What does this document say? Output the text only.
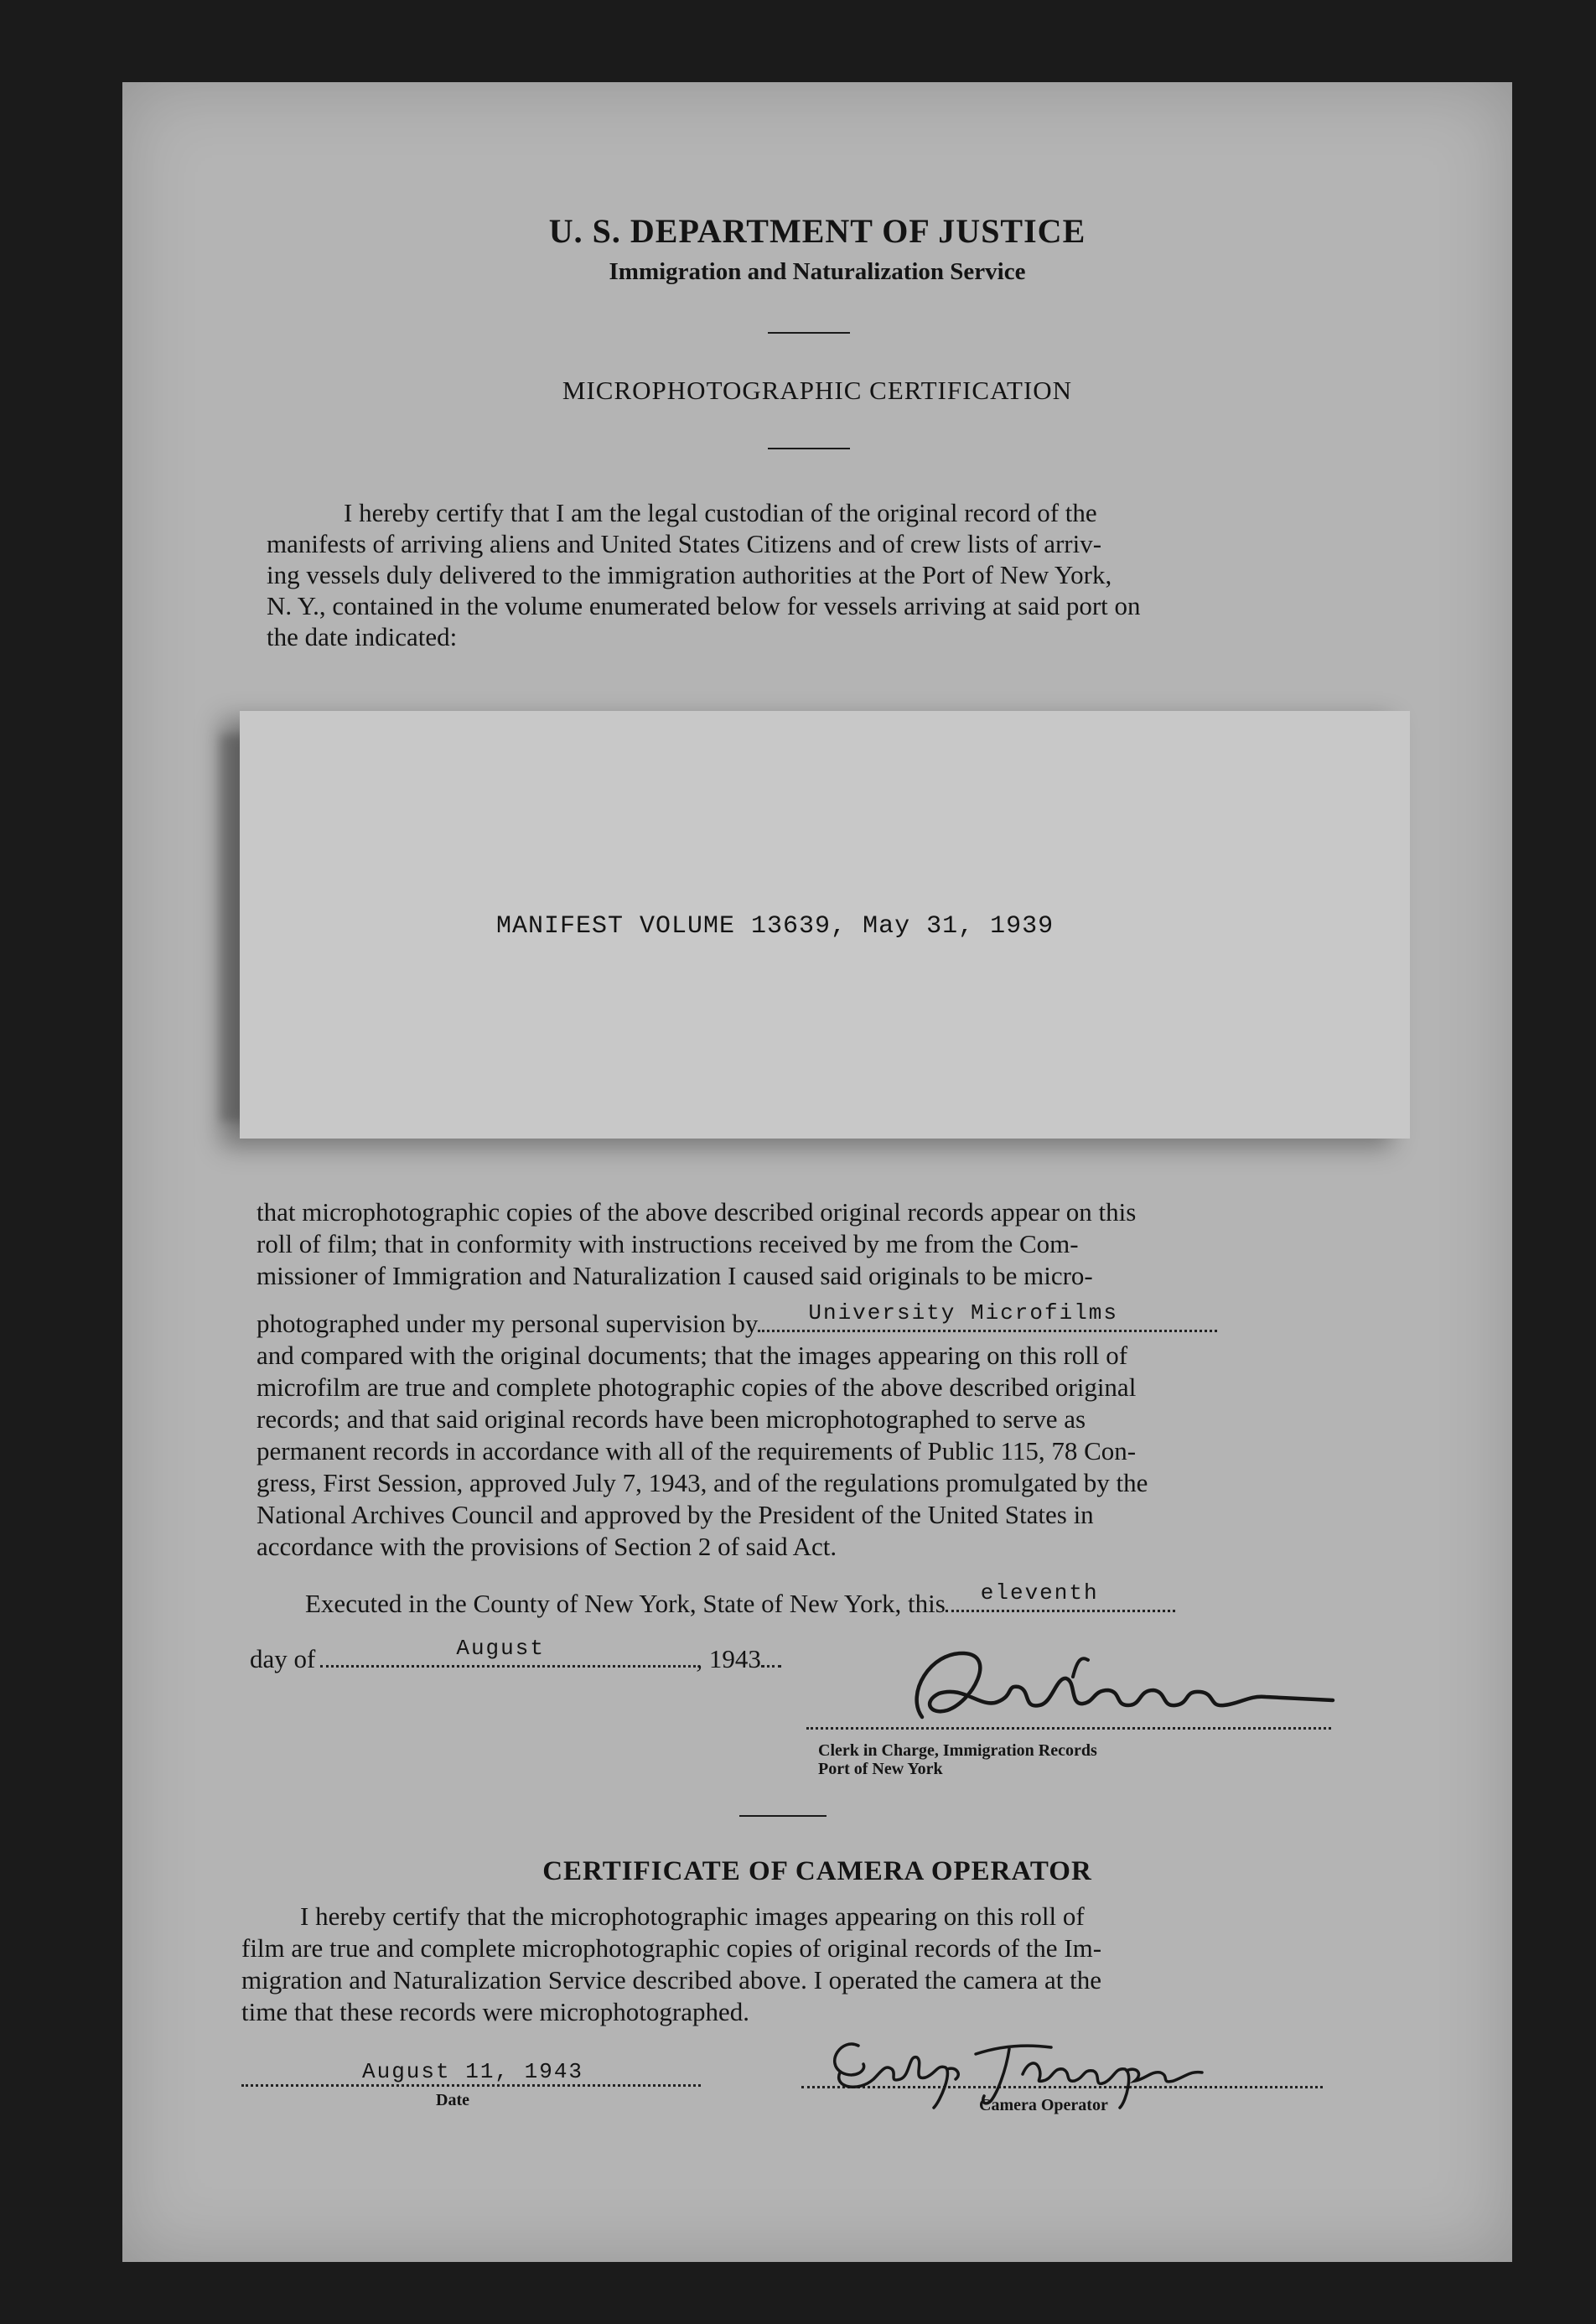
U. S. DEPARTMENT OF JUSTICE
Immigration and Naturalization Service
MICROPHOTOGRAPHIC CERTIFICATION
I hereby certify that I am the legal custodian of the original record of the
manifests of arriving aliens and United States Citizens and of crew lists of arriv-
ing vessels duly delivered to the immigration authorities at the Port of New York,
N. Y., contained in the volume enumerated below for vessels arriving at said port on
the date indicated:
MANIFEST VOLUME 13639, May 31, 1939
that microphotographic copies of the above described original records appear on this
roll of film; that in conformity with instructions received by me from the Com-
missioner of Immigration and Naturalization I caused said originals to be micro-
photographed under my personal supervision by University Microfilms
and compared with the original documents; that the images appearing on this roll of
microfilm are true and complete photographic copies of the above described original
records; and that said original records have been microphotographed to serve as
permanent records in accordance with all of the requirements of Public 115, 78 Con-
gress, First Session, approved July 7, 1943, and of the regulations promulgated by the
National Archives Council and approved by the President of the United States in
accordance with the provisions of Section 2 of said Act.
Executed in the County of New York, State of New York, this eleventh
day of	August	, 1943
Clerk in Charge, Immigration Records
Port of New York
CERTIFICATE OF CAMERA OPERATOR
I hereby certify that the microphotographic images appearing on this roll of
film are true and complete microphotographic copies of original records of the Im-
migration and Naturalization Service described above. I operated the camera at the
time that these records were microphotographed.
August 11, 1943
Date	Camera Operator
